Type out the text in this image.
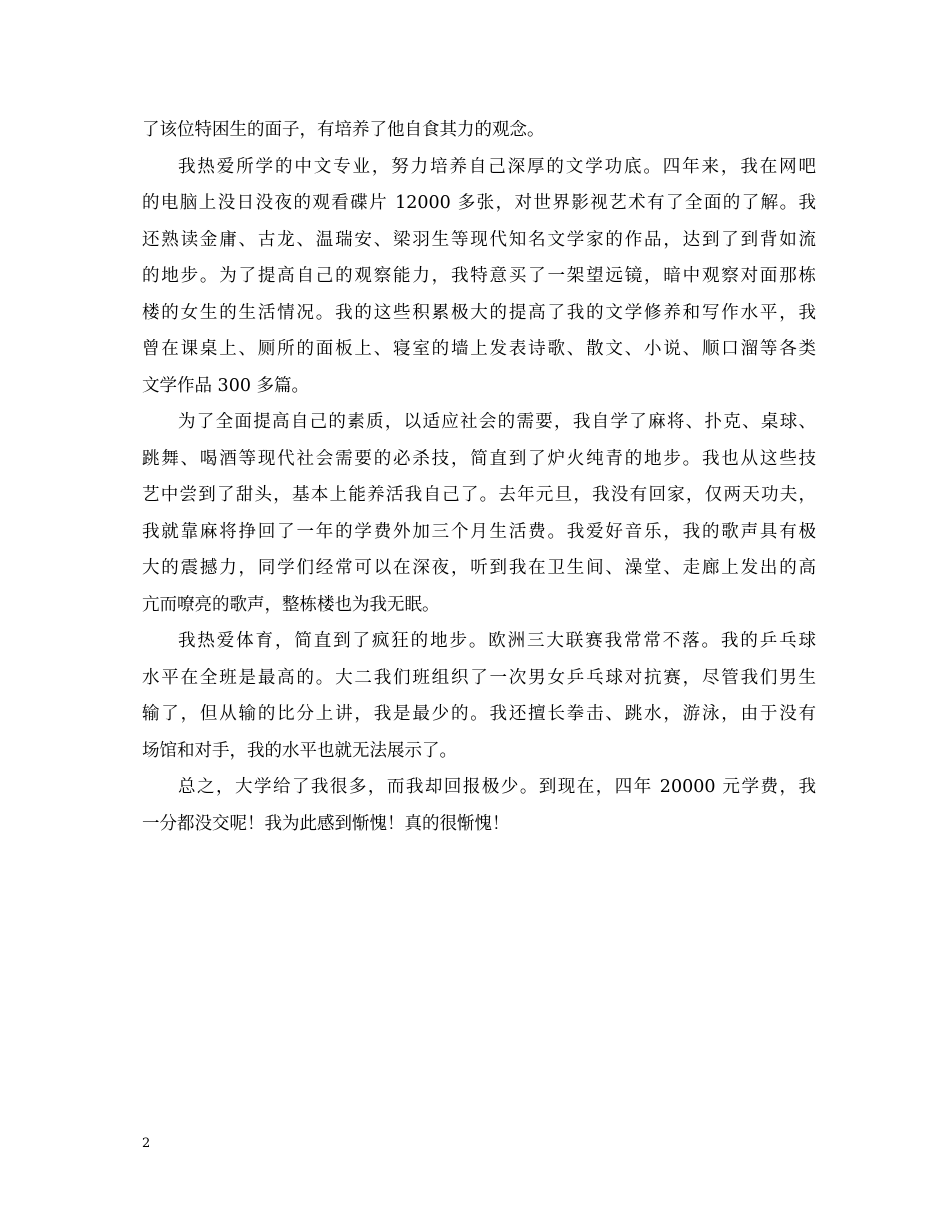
了该位特困生的面子，有培养了他自食其力的观念。
我热爱所学的中文专业，努力培养自己深厚的文学功底。四年来，我在网吧
的电脑上没日没夜的观看碟片 12000 多张，对世界影视艺术有了全面的了解。我
还熟读金庸、古龙、温瑞安、梁羽生等现代知名文学家的作品，达到了到背如流
的地步。为了提高自己的观察能力，我特意买了一架望远镜，暗中观察对面那栋
楼的女生的生活情况。我的这些积累极大的提高了我的文学修养和写作水平，我
曾在课桌上、厕所的面板上、寝室的墙上发表诗歌、散文、小说、顺口溜等各类
文学作品 300 多篇。
为了全面提高自己的素质，以适应社会的需要，我自学了麻将、扑克、桌球、
跳舞、喝酒等现代社会需要的必杀技，简直到了炉火纯青的地步。我也从这些技
艺中尝到了甜头，基本上能养活我自己了。去年元旦，我没有回家，仅两天功夫，
我就靠麻将挣回了一年的学费外加三个月生活费。我爱好音乐，我的歌声具有极
大的震撼力，同学们经常可以在深夜，听到我在卫生间、澡堂、走廊上发出的高
亢而嘹亮的歌声，整栋楼也为我无眠。
我热爱体育，简直到了疯狂的地步。欧洲三大联赛我常常不落。我的乒乓球
水平在全班是最高的。大二我们班组织了一次男女乒乓球对抗赛，尽管我们男生
输了，但从输的比分上讲，我是最少的。我还擅长拳击、跳水，游泳，由于没有
场馆和对手，我的水平也就无法展示了。
总之，大学给了我很多，而我却回报极少。到现在，四年 20000 元学费，我
一分都没交呢！我为此感到惭愧！真的很惭愧！
2
